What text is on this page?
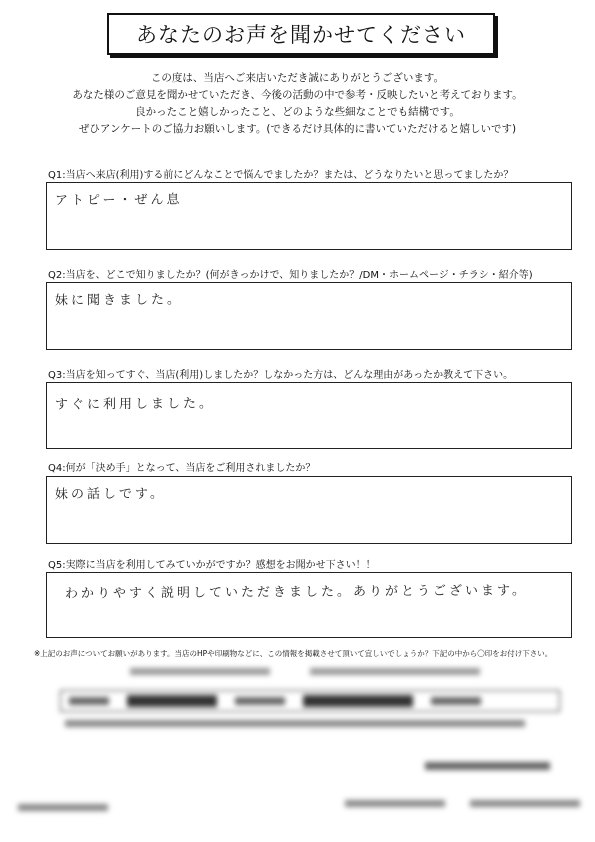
あなたのお声を聞かせてください
この度は、当店へご来店いただき誠にありがとうございます。
あなた様のご意見を聞かせていただき、今後の活動の中で参考・反映したいと考えております。
良かったこと嬉しかったこと、どのような些細なことでも結構です。
ぜひアンケートのご協力お願いします。(できるだけ具体的に書いていただけると嬉しいです)
Q1:当店へ来店(利用)する前にどんなことで悩んでましたか？または、どうなりたいと思ってましたか？
アトピー・ぜん息
Q2:当店を、どこで知りましたか？(何がきっかけで、知りましたか？/DM・ホームページ・チラシ・紹介等)
妹に聞きました。
Q3:当店を知ってすぐ、当店(利用)しましたか？しなかった方は、どんな理由があったか教えて下さい。
すぐに利用しました。
Q4:何が「決め手」となって、当店をご利用されましたか？
妹の話しです。
Q5:実際に当店を利用してみていかがですか？感想をお聞かせ下さい！！
わかりやすく説明していただきました。ありがとうございます。
※上記のお声についてお願いがあります。当店のHPや印刷物などに、この情報を掲載させて頂いて宜しいでしょうか？下記の中から〇印をお付け下さい。
